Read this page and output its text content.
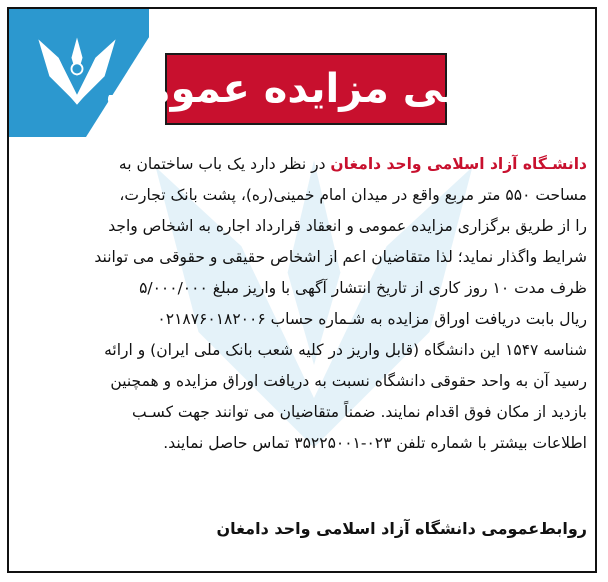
آگهی مزایده عمومی
دانشـگاه آزاد اسلامی واحد دامغان در نظر دارد یک باب ساختمان به
مساحت ۵۵۰ متر مربع واقع در میدان امام خمینی(ره)، پشت بانک تجارت،
را از طریق برگزاری مزایده عمومی و انعقاد قرارداد اجاره به اشخاص واجد
شرایط واگذار نماید؛ لذا متقاضیان اعم از اشخاص حقیقی و حقوقی می توانند
ظرف مدت ۱۰ روز کاری از تاریخ انتشار آگهی با واریز مبلغ ۵/۰۰۰/۰۰۰
ریال بابت دریافت اوراق مزایده به شـماره حساب ۰۲۱۸۷۶۰۱۸۲۰۰۶
شناسه ۱۵۴۷ این دانشگاه (قابل واریز در کلیه شعب بانک ملی ایران) و ارائه
رسید آن به واحد حقوقی دانشگاه نسبت به دریافت اوراق مزایده و همچنین
بازدید از مکان فوق اقدام نمایند. ضمناً متقاضیان می توانند جهت کسـب
اطلاعات بیشتر با شماره تلفن ۰۲۳-۳۵۲۲۵۰۰۱ تماس حاصل نمایند.
روابط‌عمومی دانشگاه آزاد اسلامی واحد دامغان
